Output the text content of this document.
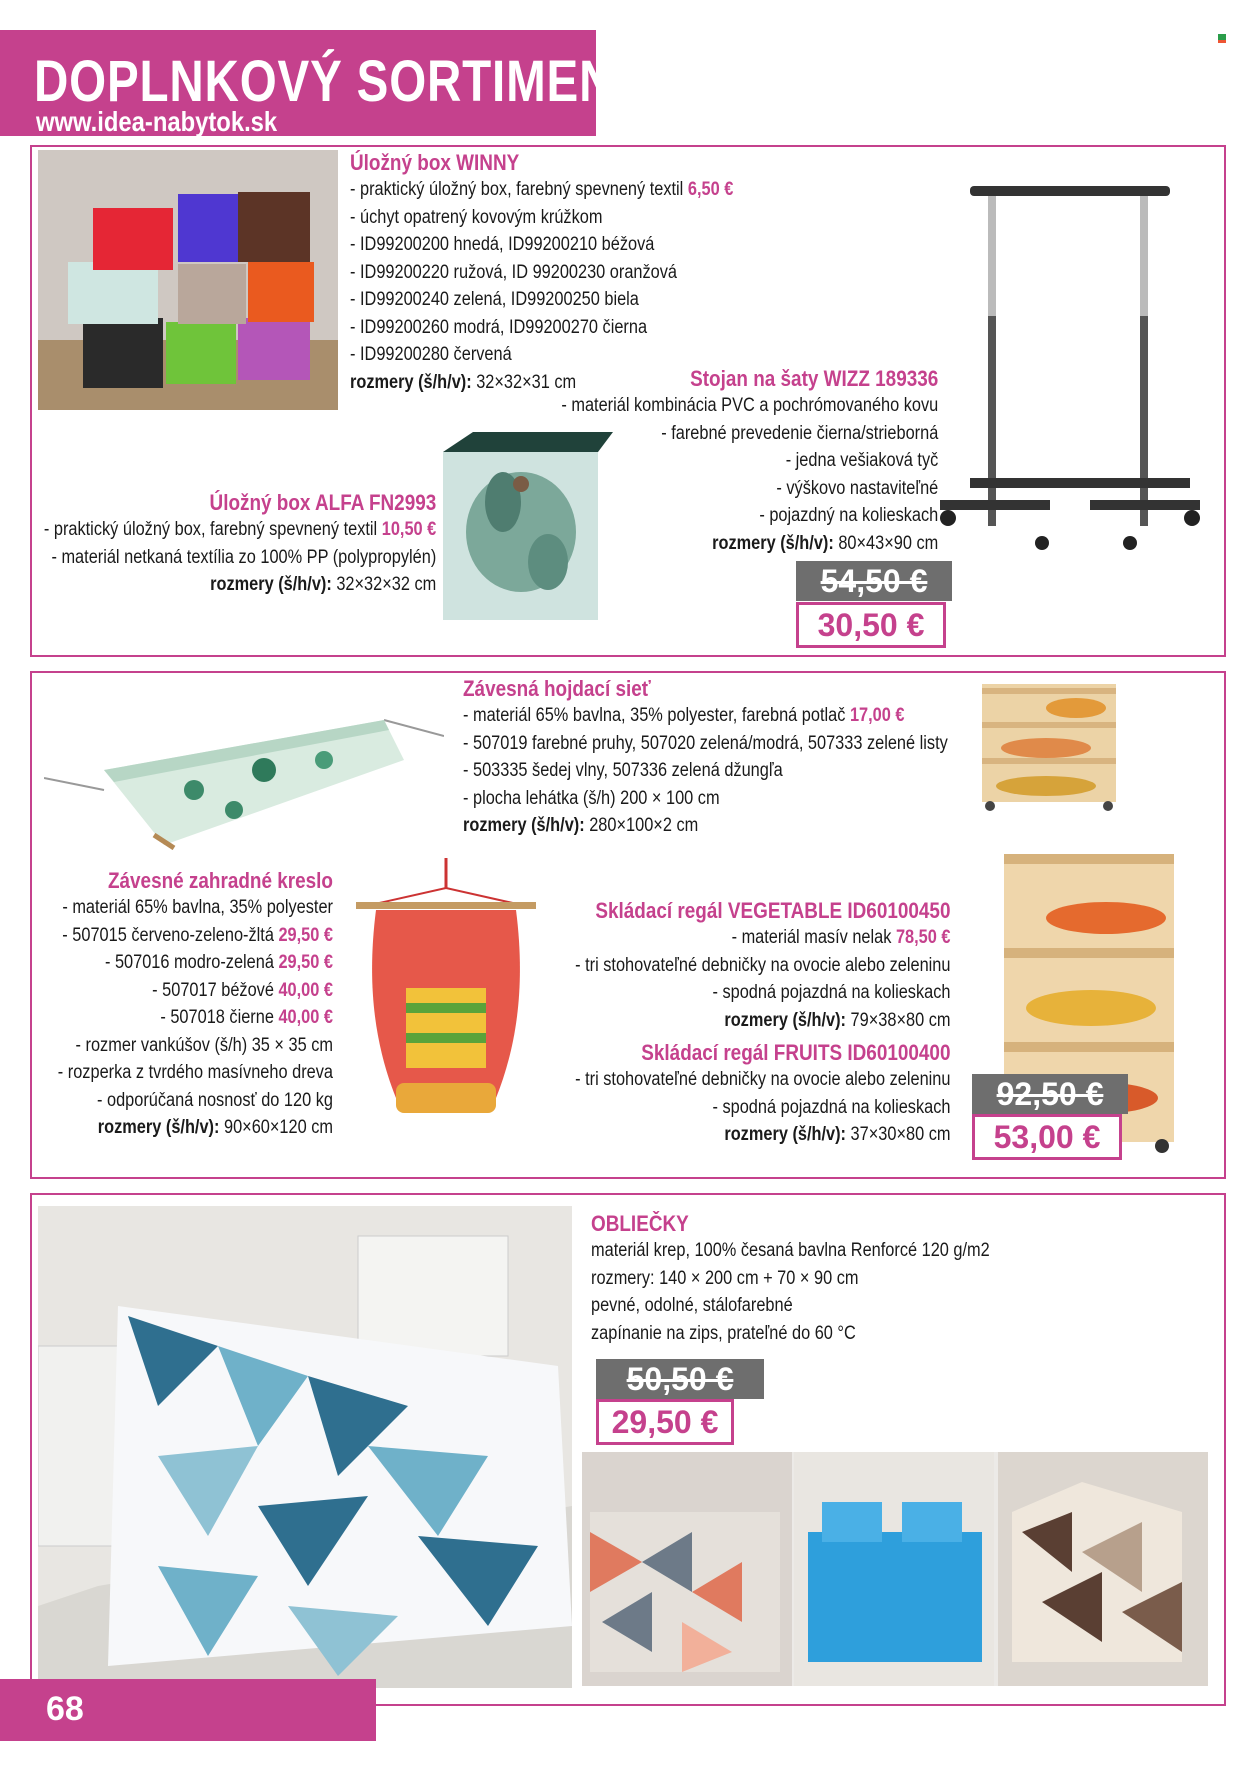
DOPLNKOVÝ SORTIMENT
www.idea-nabytok.sk
Úložný box WINNY
- praktický úložný box, farebný spevnený textil 6,50 €
- úchyt opatrený kovovým krúžkom
- ID99200200 hnedá, ID99200210 béžová
- ID99200220 ružová, ID 99200230 oranžová
- ID99200240 zelená, ID99200250 biela
- ID99200260 modrá, ID99200270 čierna
- ID99200280 červená
rozmery (š/h/v): 32×32×31 cm	Stojan na šaty WIZZ 189336
- materiál kombinácia PVC a pochrómovaného kovu
- farebné prevedenie čierna/strieborná
- jedna vešiaková tyč
- výškovo nastaviteľné
- pojazdný na kolieskach
rozmery (š/h/v): 80×43×90 cm
54,50 €
30,50 €
Úložný box ALFA FN2993
- praktický úložný box, farebný spevnený textil 10,50 €
- materiál netkaná textília zo 100% PP (polypropylén)
rozmery (š/h/v): 32×32×32 cm
Závesná hojdací sieť
- materiál 65% bavlna, 35% polyester, farebná potlač 17,00 €
- 507019 farebné pruhy, 507020 zelená/modrá, 507333 zelené listy
- 503335 šedej vlny, 507336 zelená džungľa
- plocha lehátka (š/h) 200 × 100 cm
rozmery (š/h/v): 280×100×2 cm
Závesné zahradné kreslo
- materiál 65% bavlna, 35% polyester
- 507015 červeno-zeleno-žltá 29,50 €
- 507016 modro-zelená 29,50 €
- 507017 béžové 40,00 €
- 507018 čierne 40,00 €
- rozmer vankúšov (š/h) 35 × 35 cm
- rozperka z tvrdého masívneho dreva
- odporúčaná nosnosť do 120 kg
rozmery (š/h/v): 90×60×120 cm
Skládací regál VEGETABLE ID60100450
- materiál masív nelak 78,50 €
- tri stohovateľné debničky na ovocie alebo zeleninu
- spodná pojazdná na kolieskach
rozmery (š/h/v): 79×38×80 cm
Skládací regál FRUITS ID60100400
- tri stohovateľné debničky na ovocie alebo zeleninu
- spodná pojazdná na kolieskach
rozmery (š/h/v): 37×30×80 cm
92,50 €
53,00 €
OBLIEČKY
materiál krep, 100% česaná bavlna Renforcé 120 g/m2
rozmery: 140 × 200 cm + 70 × 90 cm
pevné, odolné, stálofarebné
zapínanie na zips, prateľné do 60 °C
50,50 €
29,50 €
68
